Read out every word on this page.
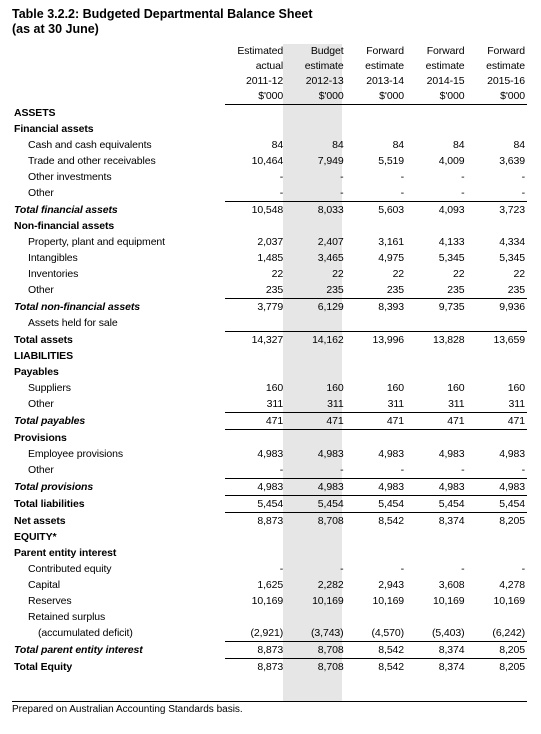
Table 3.2.2: Budgeted Departmental Balance Sheet
(as at 30 June)
	Estimated	Budget	Forward	Forward	Forward
	actual	estimate	estimate	estimate	estimate
	2011-12	2012-13	2013-14	2014-15	2015-16
	$'000	$'000	$'000	$'000	$'000
ASSETS					
Financial assets					
Cash and cash equivalents	84	84	84	84	84
Trade and other receivables	10,464	7,949	5,519	4,009	3,639
Other investments	-	-	-	-	-
Other	-	-	-	-	-
Total financial assets	10,548	8,033	5,603	4,093	3,723
Non-financial assets					
Property, plant and equipment	2,037	2,407	3,161	4,133	4,334
Intangibles	1,485	3,465	4,975	5,345	5,345
Inventories	22	22	22	22	22
Other	235	235	235	235	235
Total non-financial assets	3,779	6,129	8,393	9,735	9,936
Assets held for sale					
Total assets	14,327	14,162	13,996	13,828	13,659
LIABILITIES					
Payables					
Suppliers	160	160	160	160	160
Other	311	311	311	311	311
Total payables	471	471	471	471	471
Provisions					
Employee provisions	4,983	4,983	4,983	4,983	4,983
Other	-	-	-	-	-
Total provisions	4,983	4,983	4,983	4,983	4,983
Total liabilities	5,454	5,454	5,454	5,454	5,454
Net assets	8,873	8,708	8,542	8,374	8,205
EQUITY*					
Parent entity interest					
Contributed equity	-	-	-	-	-
Capital	1,625	2,282	2,943	3,608	4,278
Reserves	10,169	10,169	10,169	10,169	10,169
Retained surplus					
(accumulated deficit)	(2,921)	(3,743)	(4,570)	(5,403)	(6,242)
Total parent entity interest	8,873	8,708	8,542	8,374	8,205
Total Equity	8,873	8,708	8,542	8,374	8,205
Prepared on Australian Accounting Standards basis.
